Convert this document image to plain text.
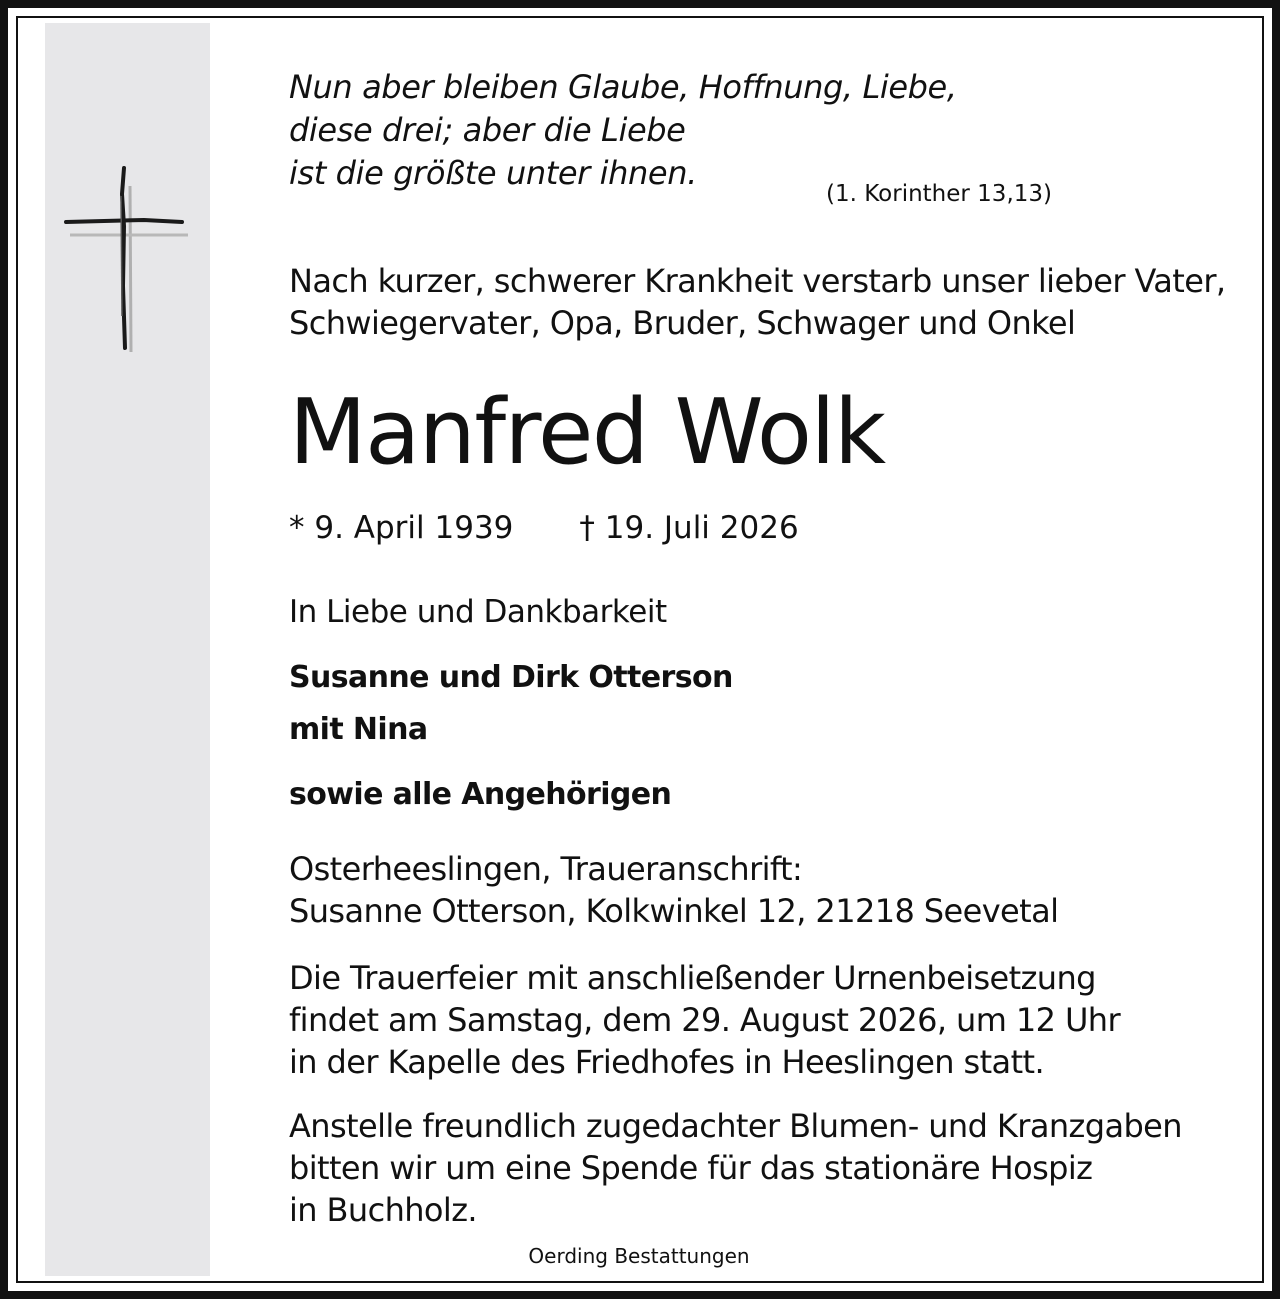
Nun aber bleiben Glaube, Hoffnung, Liebe,
diese drei; aber die Liebe
ist die größte unter ihnen.
(1. Korinther 13,13)
Nach kurzer, schwerer Krankheit verstarb unser lieber Vater,
Schwiegervater, Opa, Bruder, Schwager und Onkel
Manfred Wolk
* 9. April 1939 † 19. Juli 2026
In Liebe und Dankbarkeit
Susanne und Dirk Otterson
mit Nina
sowie alle Angehörigen
Osterheeslingen, Traueranschrift:
Susanne Otterson, Kolkwinkel 12, 21218 Seevetal
Die Trauerfeier mit anschließender Urnenbeisetzung
findet am Samstag, dem 29. August 2026, um 12 Uhr
in der Kapelle des Friedhofes in Heeslingen statt.
Anstelle freundlich zugedachter Blumen- und Kranzgaben
bitten wir um eine Spende für das stationäre Hospiz
in Buchholz.
Oerding Bestattungen
